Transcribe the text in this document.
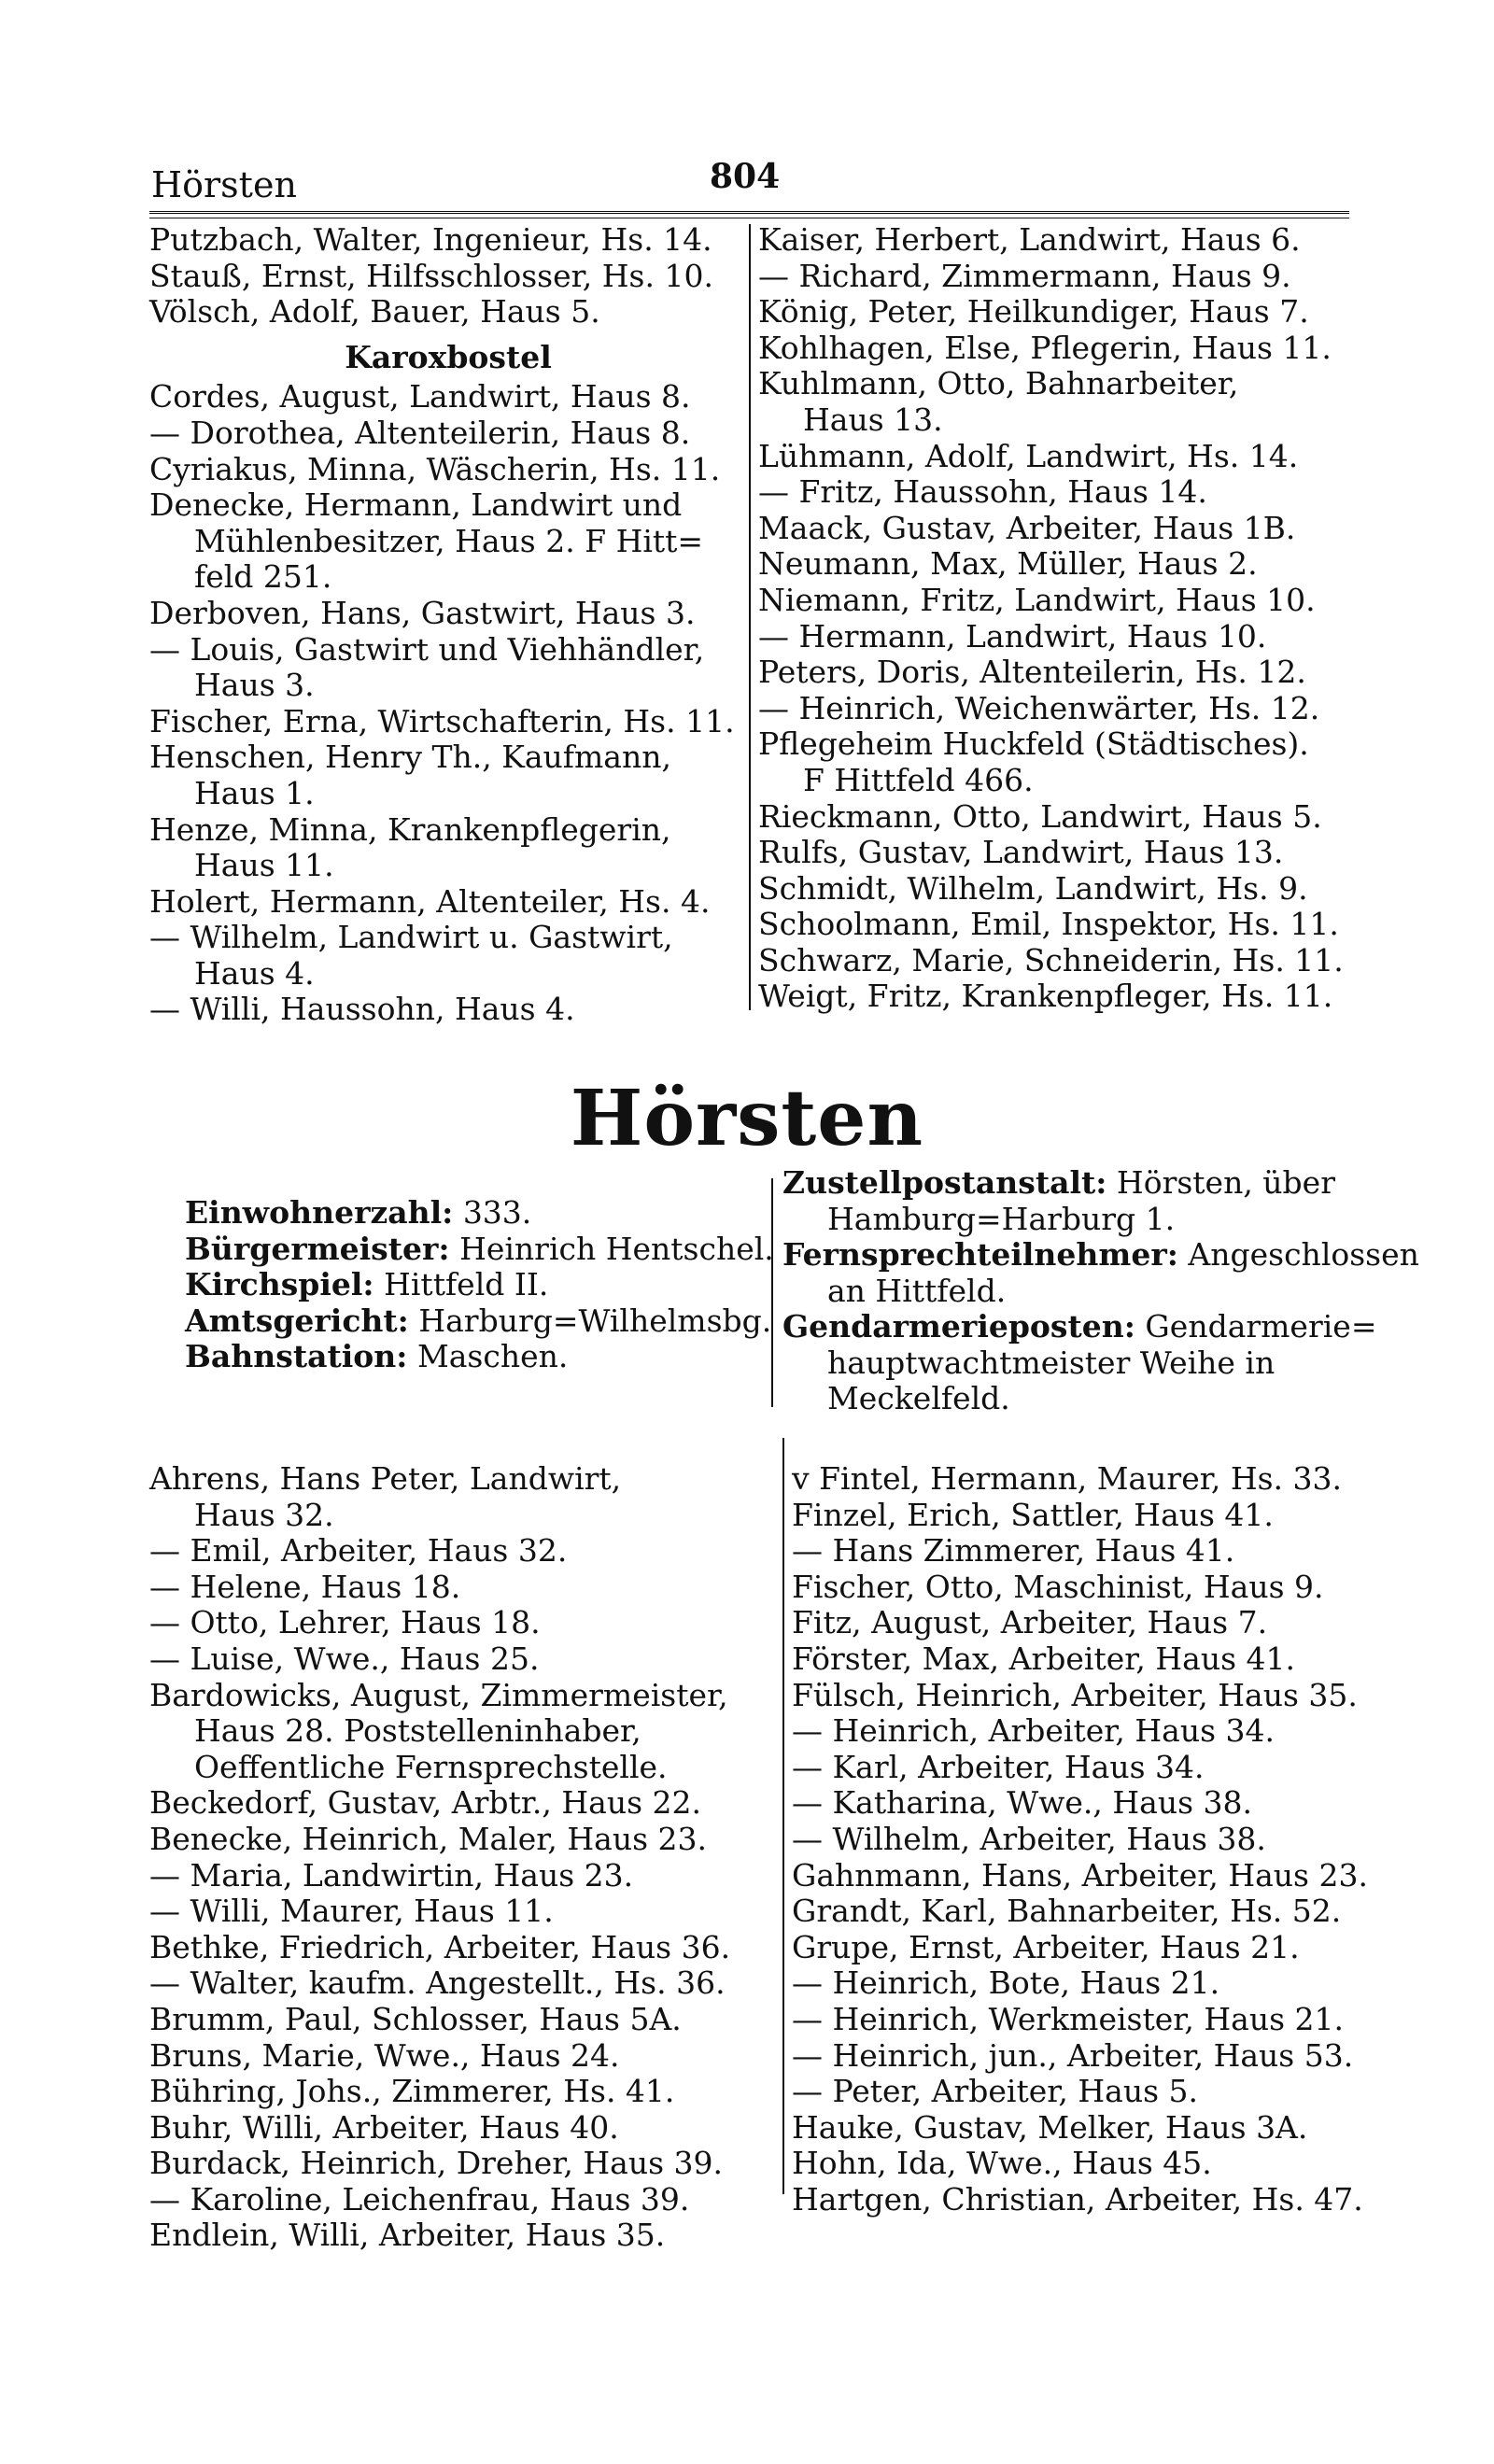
Hörsten	804
Putzbach, Walter, Ingenieur, Hs. 14.
Stauß, Ernst, Hilfsschlosser, Hs. 10.
Völsch, Adolf, Bauer, Haus 5.
Karoxbostel
Cordes, August, Landwirt, Haus 8.
— Dorothea, Altenteilerin, Haus 8.
Cyriakus, Minna, Wäscherin, Hs. 11.
Denecke, Hermann, Landwirt und
Mühlenbesitzer, Haus 2. F Hitt=
feld 251.
Derboven, Hans, Gastwirt, Haus 3.
— Louis, Gastwirt und Viehhändler,
Haus 3.
Fischer, Erna, Wirtschafterin, Hs. 11.
Henschen, Henry Th., Kaufmann,
Haus 1.
Henze, Minna, Krankenpflegerin,
Haus 11.
Holert, Hermann, Altenteiler, Hs. 4.
— Wilhelm, Landwirt u. Gastwirt,
Haus 4.
— Willi, Haussohn, Haus 4.
Kaiser, Herbert, Landwirt, Haus 6.
— Richard, Zimmermann, Haus 9.
König, Peter, Heilkundiger, Haus 7.
Kohlhagen, Else, Pflegerin, Haus 11.
Kuhlmann, Otto, Bahnarbeiter,
Haus 13.
Lühmann, Adolf, Landwirt, Hs. 14.
— Fritz, Haussohn, Haus 14.
Maack, Gustav, Arbeiter, Haus 1B.
Neumann, Max, Müller, Haus 2.
Niemann, Fritz, Landwirt, Haus 10.
— Hermann, Landwirt, Haus 10.
Peters, Doris, Altenteilerin, Hs. 12.
— Heinrich, Weichenwärter, Hs. 12.
Pflegeheim Huckfeld (Städtisches).
F Hittfeld 466.
Rieckmann, Otto, Landwirt, Haus 5.
Rulfs, Gustav, Landwirt, Haus 13.
Schmidt, Wilhelm, Landwirt, Hs. 9.
Schoolmann, Emil, Inspektor, Hs. 11.
Schwarz, Marie, Schneiderin, Hs. 11.
Weigt, Fritz, Krankenpfleger, Hs. 11.
Hörsten
Einwohnerzahl: 333.
Bürgermeister: Heinrich Hentschel.
Kirchspiel: Hittfeld II.
Amtsgericht: Harburg=Wilhelmsbg.
Bahnstation: Maschen.
Zustellpostanstalt: Hörsten, über
Hamburg=Harburg 1.
Fernsprechteilnehmer: Angeschlossen
an Hittfeld.
Gendarmerieposten: Gendarmerie=
hauptwachtmeister Weihe in
Meckelfeld.
Ahrens, Hans Peter, Landwirt,
Haus 32.
— Emil, Arbeiter, Haus 32.
— Helene, Haus 18.
— Otto, Lehrer, Haus 18.
— Luise, Wwe., Haus 25.
Bardowicks, August, Zimmermeister,
Haus 28. Poststelleninhaber,
Oeffentliche Fernsprechstelle.
Beckedorf, Gustav, Arbtr., Haus 22.
Benecke, Heinrich, Maler, Haus 23.
— Maria, Landwirtin, Haus 23.
— Willi, Maurer, Haus 11.
Bethke, Friedrich, Arbeiter, Haus 36.
— Walter, kaufm. Angestellt., Hs. 36.
Brumm, Paul, Schlosser, Haus 5A.
Bruns, Marie, Wwe., Haus 24.
Bühring, Johs., Zimmerer, Hs. 41.
Buhr, Willi, Arbeiter, Haus 40.
Burdack, Heinrich, Dreher, Haus 39.
— Karoline, Leichenfrau, Haus 39.
Endlein, Willi, Arbeiter, Haus 35.
v Fintel, Hermann, Maurer, Hs. 33.
Finzel, Erich, Sattler, Haus 41.
— Hans Zimmerer, Haus 41.
Fischer, Otto, Maschinist, Haus 9.
Fitz, August, Arbeiter, Haus 7.
Förster, Max, Arbeiter, Haus 41.
Fülsch, Heinrich, Arbeiter, Haus 35.
— Heinrich, Arbeiter, Haus 34.
— Karl, Arbeiter, Haus 34.
— Katharina, Wwe., Haus 38.
— Wilhelm, Arbeiter, Haus 38.
Gahnmann, Hans, Arbeiter, Haus 23.
Grandt, Karl, Bahnarbeiter, Hs. 52.
Grupe, Ernst, Arbeiter, Haus 21.
— Heinrich, Bote, Haus 21.
— Heinrich, Werkmeister, Haus 21.
— Heinrich, jun., Arbeiter, Haus 53.
— Peter, Arbeiter, Haus 5.
Hauke, Gustav, Melker, Haus 3A.
Hohn, Ida, Wwe., Haus 45.
Hartgen, Christian, Arbeiter, Hs. 47.
